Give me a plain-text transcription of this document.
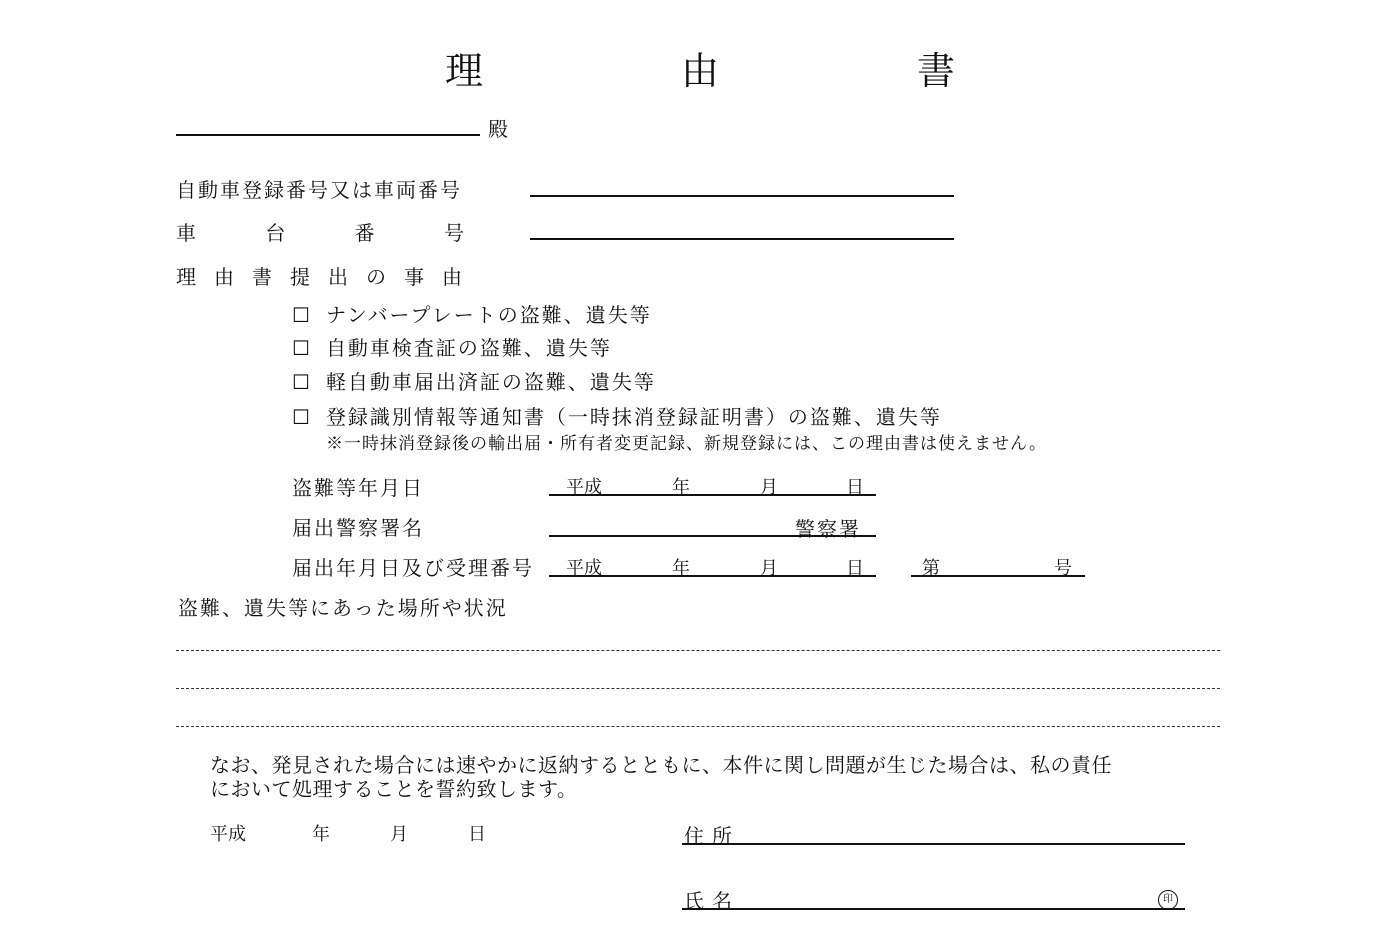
理　由　書
殿
自動車登録番号又は車両番号
車	台	番	号
理 由 書 提 出 の 事 由
☐ ナンバープレートの盗難、遺失等
☐ 自動車検査証の盗難、遺失等
☐ 軽自動車届出済証の盗難、遺失等
☐ 登録識別情報等通知書（一時抹消登録証明書）の盗難、遺失等
※一時抹消登録後の輸出届・所有者変更記録、新規登録には、この理由書は使えません。
盗難等年月日	平成	年	月	日
届出警察署名	警察署
届出年月日及び受理番号 平成	年	月	日	第	号
盗難、遺失等にあった場所や状況
なお、発見された場合には速やかに返納するとともに、本件に関し問題が生じた場合は、私の責任
において処理することを誓約致します。
平成	年	月	日	住所
氏名	印
